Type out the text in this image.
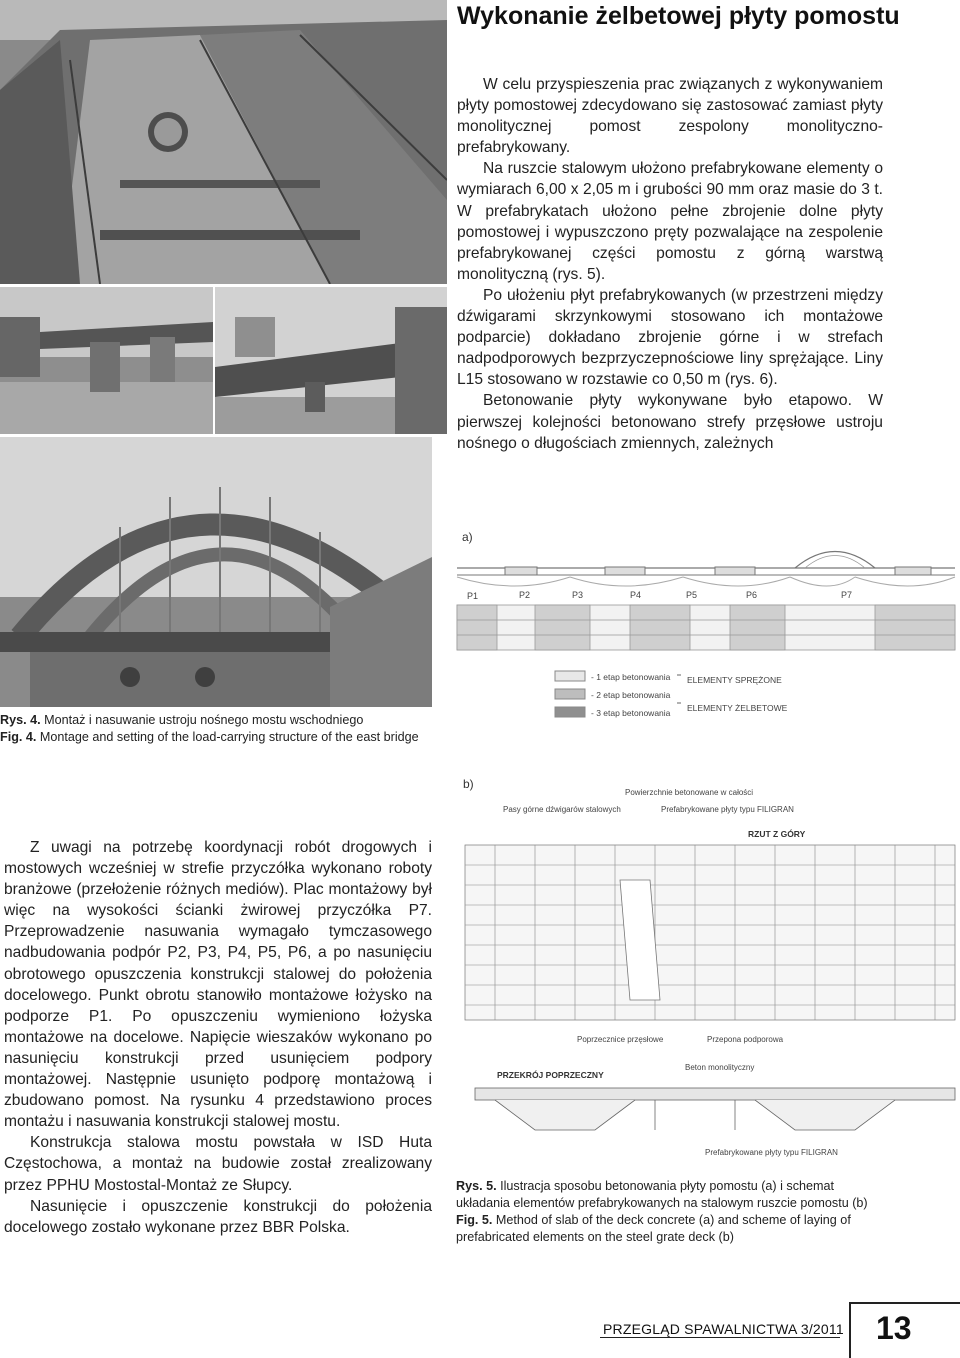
Wykonanie żelbetowej płyty pomostu

W celu przyspieszenia prac związanych z wykonywaniem płyty pomostowej zdecydowano się zastosować zamiast płyty monolitycznej pomost zespolony monolityczno-prefabrykowany.

Na ruszcie stalowym ułożono prefabrykowane elementy o wymiarach 6,00 x 2,05 m i grubości 90 mm oraz masie do 3 t. W prefabrykatach ułożono pełne zbrojenie dolne płyty pomostowej i wypuszczono pręty pozwalające na zespolenie prefabrykowanej części pomostu z górną warstwą monolityczną (rys. 5).

Po ułożeniu płyt prefabrykowanych (w przestrzeni między dźwigarami skrzynkowymi stosowano ich montażowe podparcie) dokładano zbrojenie górne i w strefach nadpodporowych bezprzyczepnościowe liny sprężające. Liny L15 stosowano w rozstawie co 0,50 m (rys. 6).

Betonowanie płyty wykonywane było etapowo. W pierwszej kolejności betonowano strefy przęsłowe ustroju nośnego o długościach zmiennych, zależnych

Rys. 4. Montaż i nasuwanie ustroju nośnego mostu wschodniego
Fig. 4. Montage and setting of the load-carrying structure of the east bridge

Z uwagi na potrzebę koordynacji robót drogowych i mostowych wcześniej w strefie przyczółka wykonano roboty branżowe (przełożenie różnych mediów). Plac montażowy był więc na wysokości ścianki żwirowej przyczółka P7. Przeprowadzenie nasuwania wymagało tymczasowego nadbudowania podpór P2, P3, P4, P5, P6, a po nasunięciu obrotowego opuszczenia konstrukcji stalowej do położenia docelowego. Punkt obrotu stanowiło montażowe łożysko na podporze P1. Po opuszczeniu wymieniono łożyska montażowe na docelowe. Napięcie wieszaków wykonano po nasunięciu konstrukcji przed usunięciem podpory montażowej. Następnie usunięto podporę montażową i zbudowano pomost. Na rysunku 4 przedstawiono proces montażu i nasuwania konstrukcji stalowej mostu.

Konstrukcja stalowa mostu powstała w ISD Huta Częstochowa, a montaż na budowie został zrealizowany przez PPHU Mostostal-Montaż ze Słupcy.

Nasunięcie i opuszczenie konstrukcji do położenia docelowego zostało wykonane przez BBR Polska.

a)
P1	P2	P3	P4	P5	P6	P7
- 1 etap betonowania
- 2 etap betonowania
- 3 etap betonowania
ELEMENTY SPRĘŻONE
ELEMENTY ŻELBETOWE
b)
Powierzchnie betonowane w całości
Pasy górne dźwigarów stalowych	Prefabrykowane płyty typu FILIGRAN
RZUT Z GÓRY
Poprzecznice przęsłowe	Przepona podporowa
Beton monolityczny
PRZEKRÓJ POPRZECZNY
Prefabrykowane płyty typu FILIGRAN
Rys. 5. Ilustracja sposobu betonowania płyty pomostu (a) i schemat układania elementów prefabrykowanych na stalowym ruszcie pomostu (b)
Fig. 5. Method of slab of the deck concrete (a) and scheme of laying of prefabricated elements on the steel grate deck (b)
PRZEGLĄD SPAWALNICTWA 3/2011 13
